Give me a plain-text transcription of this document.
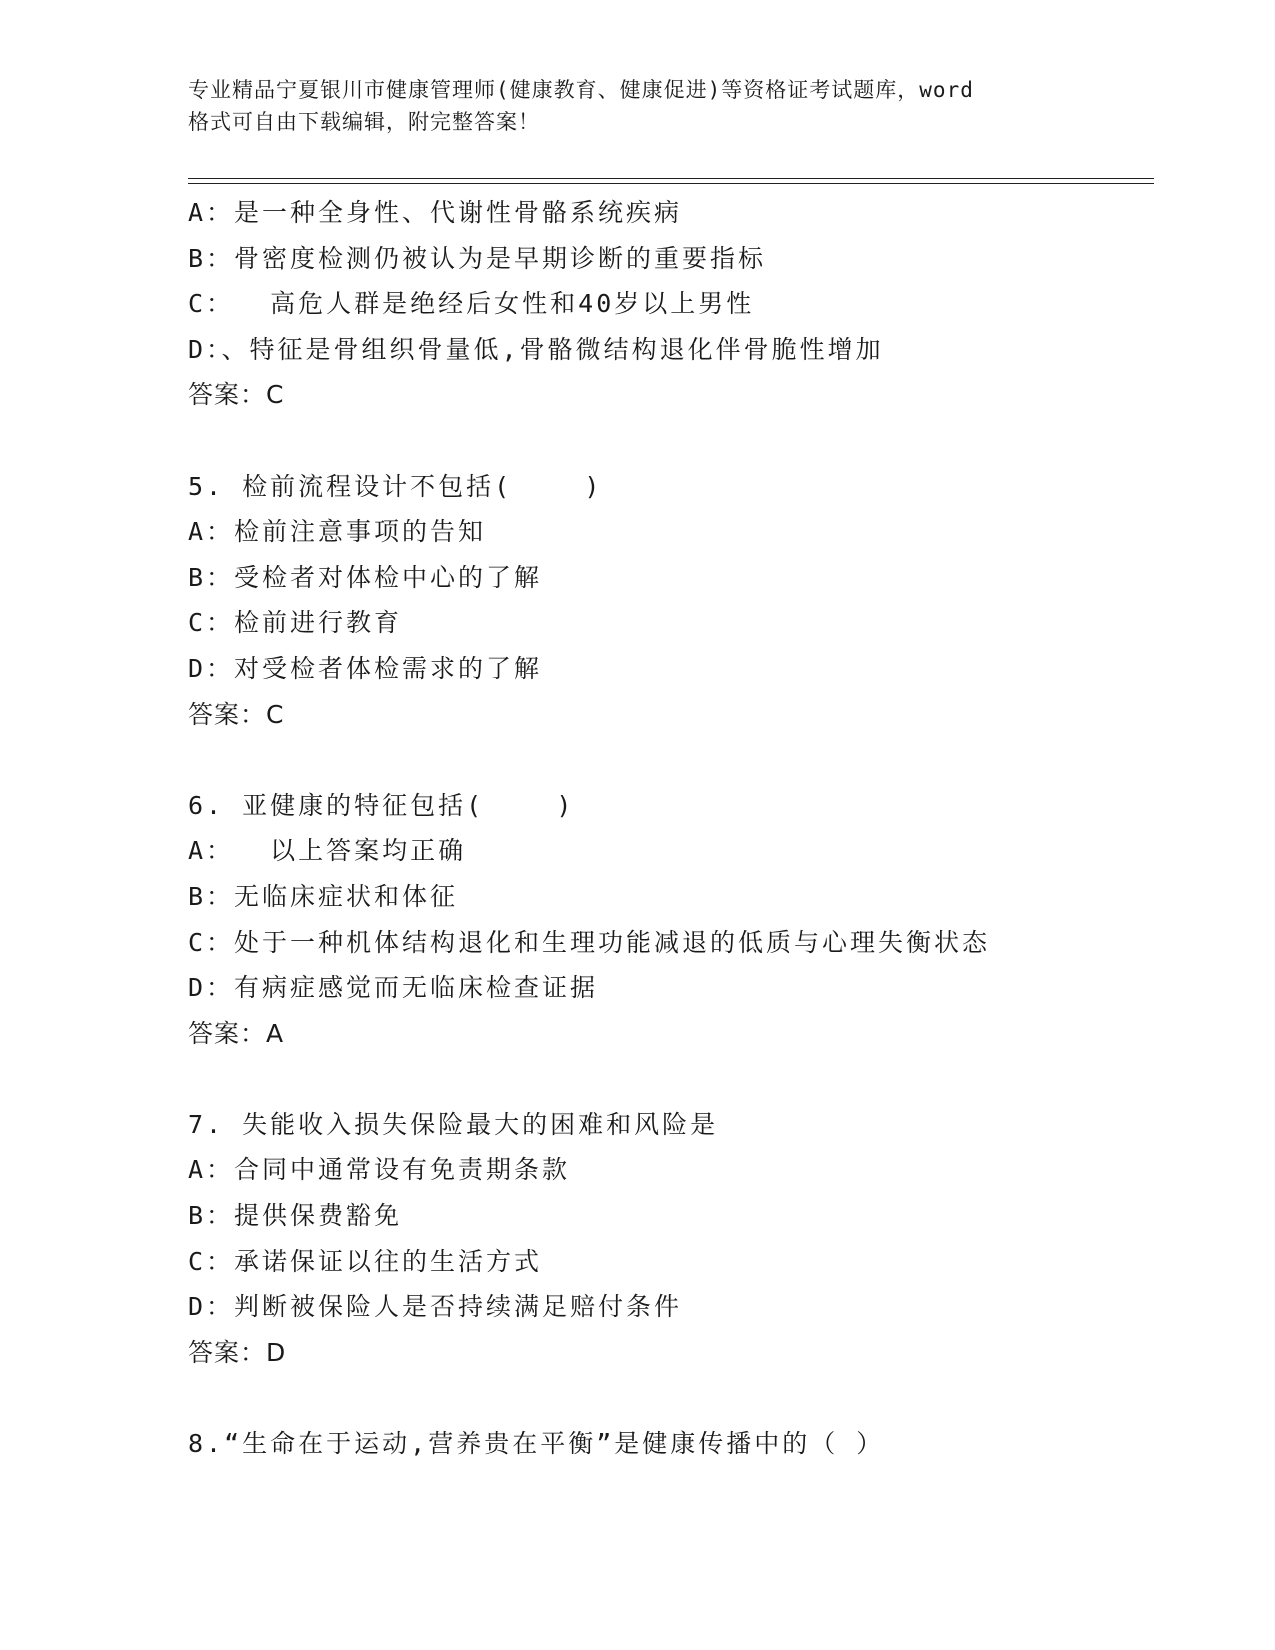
专业精品宁夏银川市健康管理师(健康教育、健康促进)等资格证考试题库，word
格式可自由下载编辑，附完整答案！
A：是一种全身性、代谢性骨骼系统疾病
B：骨密度检测仍被认为是早期诊断的重要指标
C：  高危人群是绝经后女性和40岁以上男性
D：、特征是骨组织骨量低,骨骼微结构退化伴骨脆性增加
答案：C
5. 检前流程设计不包括(    )
A：检前注意事项的告知
B：受检者对体检中心的了解
C：检前进行教育
D：对受检者体检需求的了解
答案：C
6. 亚健康的特征包括(    )
A：  以上答案均正确
B：无临床症状和体征
C：处于一种机体结构退化和生理功能减退的低质与心理失衡状态
D：有病症感觉而无临床检查证据
答案：A
7. 失能收入损失保险最大的困难和风险是
A：合同中通常设有免责期条款
B：提供保费豁免
C：承诺保证以往的生活方式
D：判断被保险人是否持续满足赔付条件
答案：D
8.“生命在于运动,营养贵在平衡”是健康传播中的（ ）
